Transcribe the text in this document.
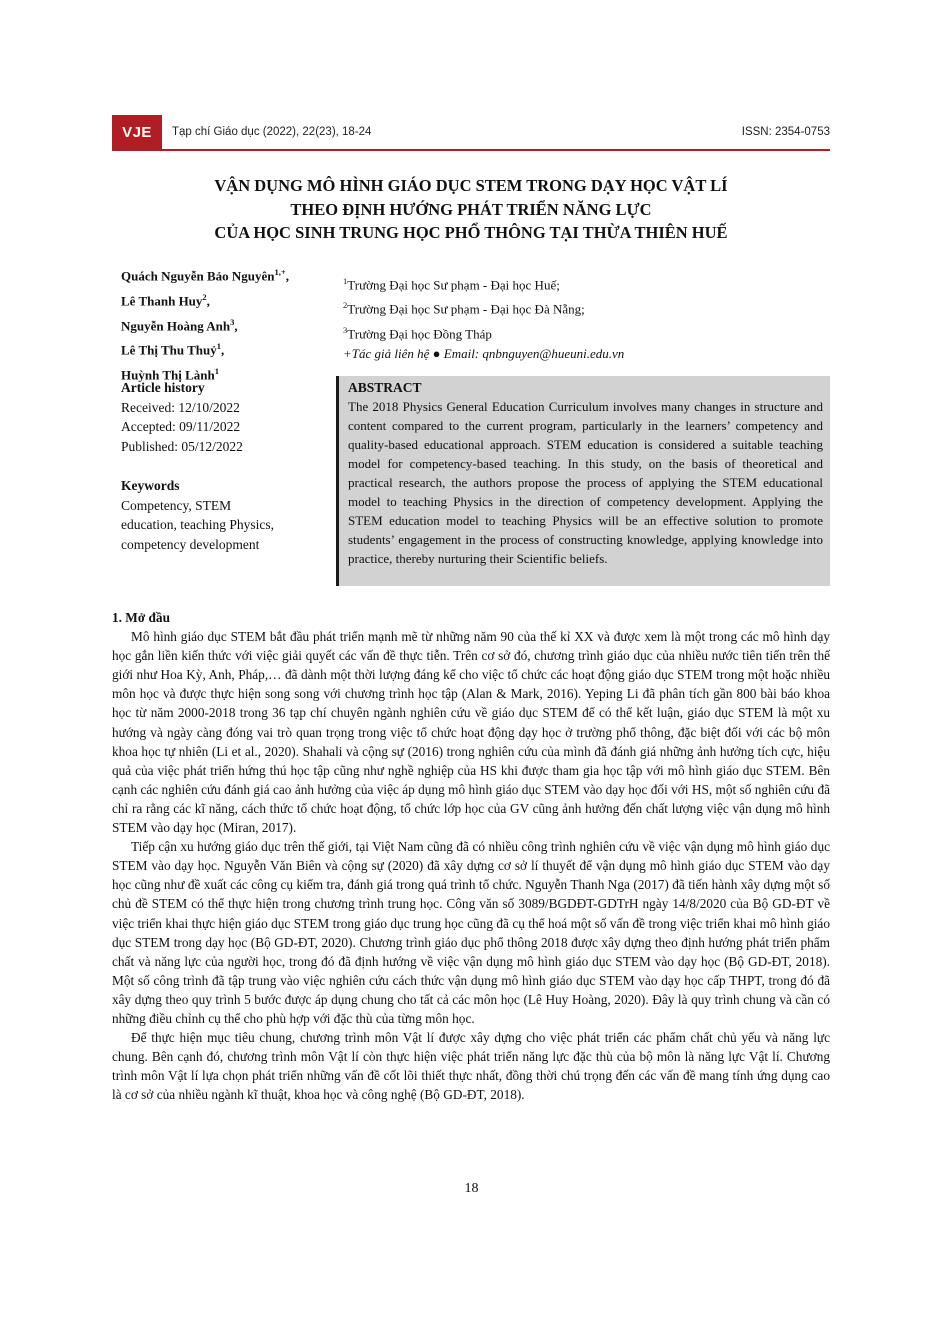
VJE	Tạp chí Giáo dục (2022), 22(23), 18-24	ISSN: 2354-0753
VẬN DỤNG MÔ HÌNH GIÁO DỤC STEM TRONG DẠY HỌC VẬT LÍ
THEO ĐỊNH HƯỚNG PHÁT TRIỂN NĂNG LỰC
CỦA HỌC SINH TRUNG HỌC PHỔ THÔNG TẠI THỪA THIÊN HUẾ
Quách Nguyễn Bảo Nguyên$^{1,+}$,
Lê Thanh Huy$^2$,
Nguyễn Hoàng Anh$^3$,
Lê Thị Thu Thuỷ$^1$,
Huỳnh Thị Lành$^1$
$^1$Trường Đại học Sư phạm - Đại học Huế;
$^2$Trường Đại học Sư phạm - Đại học Đà Nẵng;
$^3$Trường Đại học Đồng Tháp
+Tác giả liên hệ ● Email: qnbnguyen@hueuni.edu.vn
Article history
Received: 12/10/2022
Accepted: 09/11/2022
Published: 05/12/2022
Keywords
Competency, STEM
education, teaching Physics,
competency development
ABSTRACT

The 2018 Physics General Education Curriculum involves many changes in structure and content compared to the current program, particularly in the learners’ competency and quality-based educational approach. STEM education is considered a suitable teaching model for competency-based teaching. In this study, on the basis of theoretical and practical research, the authors propose the process of applying the STEM educational model to teaching Physics in the direction of competency development. Applying the STEM education model to teaching Physics will be an effective solution to promote students’ engagement in the process of constructing knowledge, applying knowledge into practice, thereby nurturing their Scientific beliefs.

1. Mở đầu

Mô hình giáo dục STEM bắt đầu phát triển mạnh mẽ từ những năm 90 của thế kỉ XX và được xem là một trong các mô hình dạy học gắn liền kiến thức với việc giải quyết các vấn đề thực tiễn. Trên cơ sở đó, chương trình giáo dục của nhiều nước tiên tiến trên thế giới như Hoa Kỳ, Anh, Pháp,… đã dành một thời lượng đáng kể cho việc tổ chức các hoạt động giáo dục STEM trong một hoặc nhiều môn học và được thực hiện song song với chương trình học tập (Alan & Mark, 2016). Yeping Li đã phân tích gần 800 bài báo khoa học từ năm 2000-2018 trong 36 tạp chí chuyên ngành nghiên cứu về giáo dục STEM để có thể kết luận, giáo dục STEM là một xu hướng và ngày càng đóng vai trò quan trọng trong việc tổ chức hoạt động dạy học ở trường phổ thông, đặc biệt đối với các bộ môn khoa học tự nhiên (Li et al., 2020). Shahali và cộng sự (2016) trong nghiên cứu của mình đã đánh giá những ảnh hưởng tích cực, hiệu quả của việc phát triển hứng thú học tập cũng như nghề nghiệp của HS khi được tham gia học tập với mô hình giáo dục STEM. Bên cạnh các nghiên cứu đánh giá cao ảnh hưởng của việc áp dụng mô hình giáo dục STEM vào dạy học đối với HS, một số nghiên cứu đã chỉ ra rằng các kĩ năng, cách thức tổ chức hoạt động, tổ chức lớp học của GV cũng ảnh hưởng đến chất lượng việc vận dụng mô hình STEM vào dạy học (Miran, 2017).

Tiếp cận xu hướng giáo dục trên thế giới, tại Việt Nam cũng đã có nhiều công trình nghiên cứu về việc vận dụng mô hình giáo dục STEM vào dạy học. Nguyễn Văn Biên và cộng sự (2020) đã xây dựng cơ sở lí thuyết để vận dụng mô hình giáo dục STEM vào dạy học cũng như đề xuất các công cụ kiểm tra, đánh giá trong quá trình tổ chức. Nguyễn Thanh Nga (2017) đã tiến hành xây dựng một số chủ đề STEM có thể thực hiện trong chương trình trung học. Công văn số 3089/BGDĐT-GDTrH ngày 14/8/2020 của Bộ GD-ĐT về việc triển khai thực hiện giáo dục STEM trong giáo dục trung học cũng đã cụ thể hoá một số vấn đề trong việc triển khai mô hình giáo dục STEM trong dạy học (Bộ GD-ĐT, 2020). Chương trình giáo dục phổ thông 2018 được xây dựng theo định hướng phát triển phẩm chất và năng lực của người học, trong đó đã định hướng về việc vận dụng mô hình giáo dục STEM vào dạy học (Bộ GD-ĐT, 2018). Một số công trình đã tập trung vào việc nghiên cứu cách thức vận dụng mô hình giáo dục STEM vào dạy học cấp THPT, trong đó đã xây dựng theo quy trình 5 bước được áp dụng chung cho tất cả các môn học (Lê Huy Hoàng, 2020). Đây là quy trình chung và cần có những điều chỉnh cụ thể cho phù hợp với đặc thù của từng môn học.

Để thực hiện mục tiêu chung, chương trình môn Vật lí được xây dựng cho việc phát triển các phẩm chất chủ yếu và năng lực chung. Bên cạnh đó, chương trình môn Vật lí còn thực hiện việc phát triển năng lực đặc thù của bộ môn là năng lực Vật lí. Chương trình môn Vật lí lựa chọn phát triển những vấn đề cốt lõi thiết thực nhất, đồng thời chú trọng đến các vấn đề mang tính ứng dụng cao là cơ sở của nhiều ngành kĩ thuật, khoa học và công nghệ (Bộ GD-ĐT, 2018).

18
